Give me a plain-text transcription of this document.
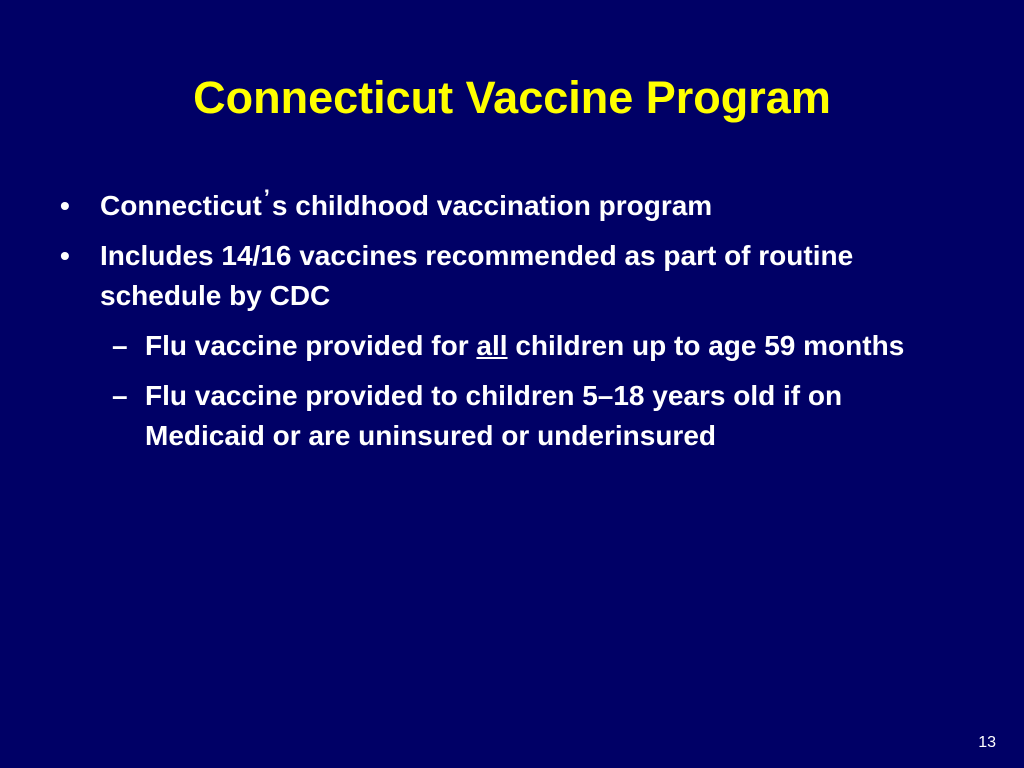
Connecticut Vaccine Program
•	Connecticut’s childhood vaccination program
•	Includes 14/16 vaccines recommended as part of routine schedule by CDC
– Flu vaccine provided for all children up to age 59 months
– Flu vaccine provided to children 5–18 years old if on Medicaid or are uninsured or underinsured
13
